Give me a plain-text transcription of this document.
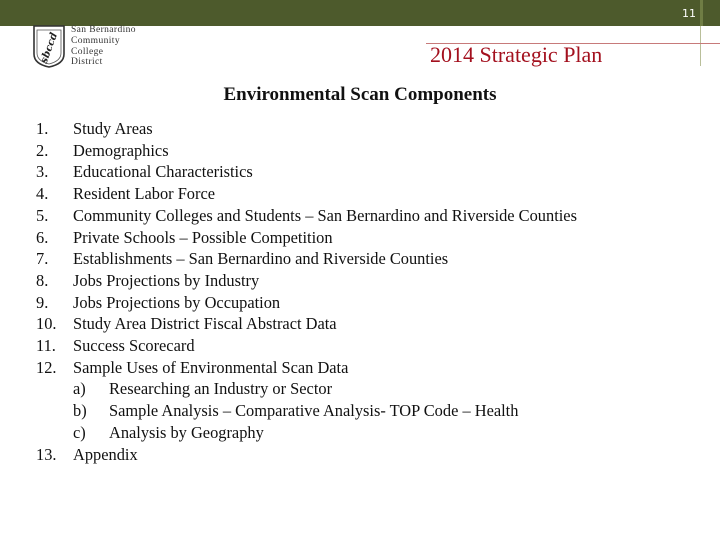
11
sbccd
San Bernardino
Community
College
District	2014 Strategic Plan
Environmental Scan Components
1. Study Areas
2. Demographics
3. Educational Characteristics
4. Resident Labor Force
5. Community Colleges and Students – San Bernardino and Riverside Counties
6. Private Schools – Possible Competition
7. Establishments – San Bernardino and Riverside Counties
8. Jobs Projections by Industry
9. Jobs Projections by Occupation
10. Study Area District Fiscal Abstract Data
11. Success Scorecard
12. Sample Uses of Environmental Scan Data
a) Researching an Industry or Sector
b) Sample Analysis – Comparative Analysis- TOP Code – Health
c) Analysis by Geography
13. Appendix
